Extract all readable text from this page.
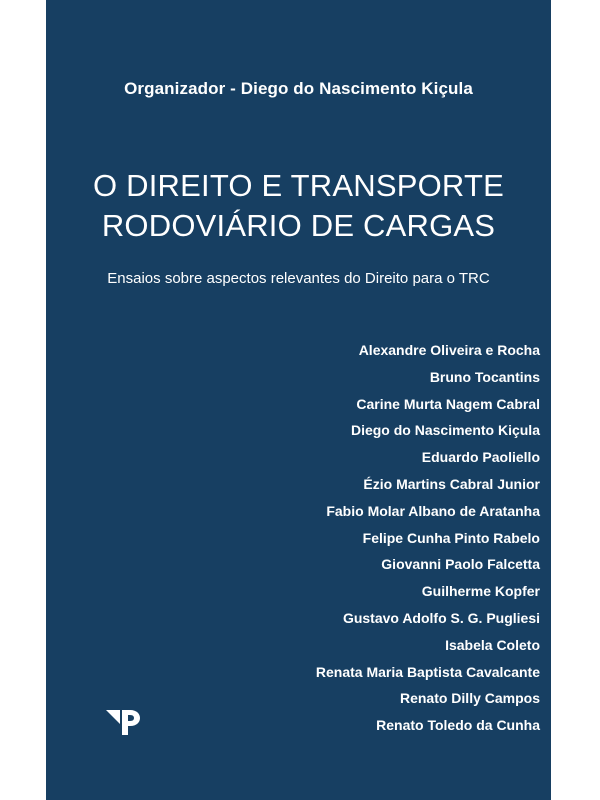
Organizador - Diego do Nascimento Kiçula
O DIREITO E TRANSPORTE
RODOVIÁRIO DE CARGAS
Ensaios sobre aspectos relevantes do Direito para o TRC
Alexandre Oliveira e Rocha
Bruno Tocantins
Carine Murta Nagem Cabral
Diego do Nascimento Kiçula
Eduardo Paoliello
Ézio Martins Cabral Junior
Fabio Molar Albano de Aratanha
Felipe Cunha Pinto Rabelo
Giovanni Paolo Falcetta
Guilherme Kopfer
Gustavo Adolfo S. G. Pugliesi
Isabela Coleto
Renata Maria Baptista Cavalcante
Renato Dilly Campos
Renato Toledo da Cunha
